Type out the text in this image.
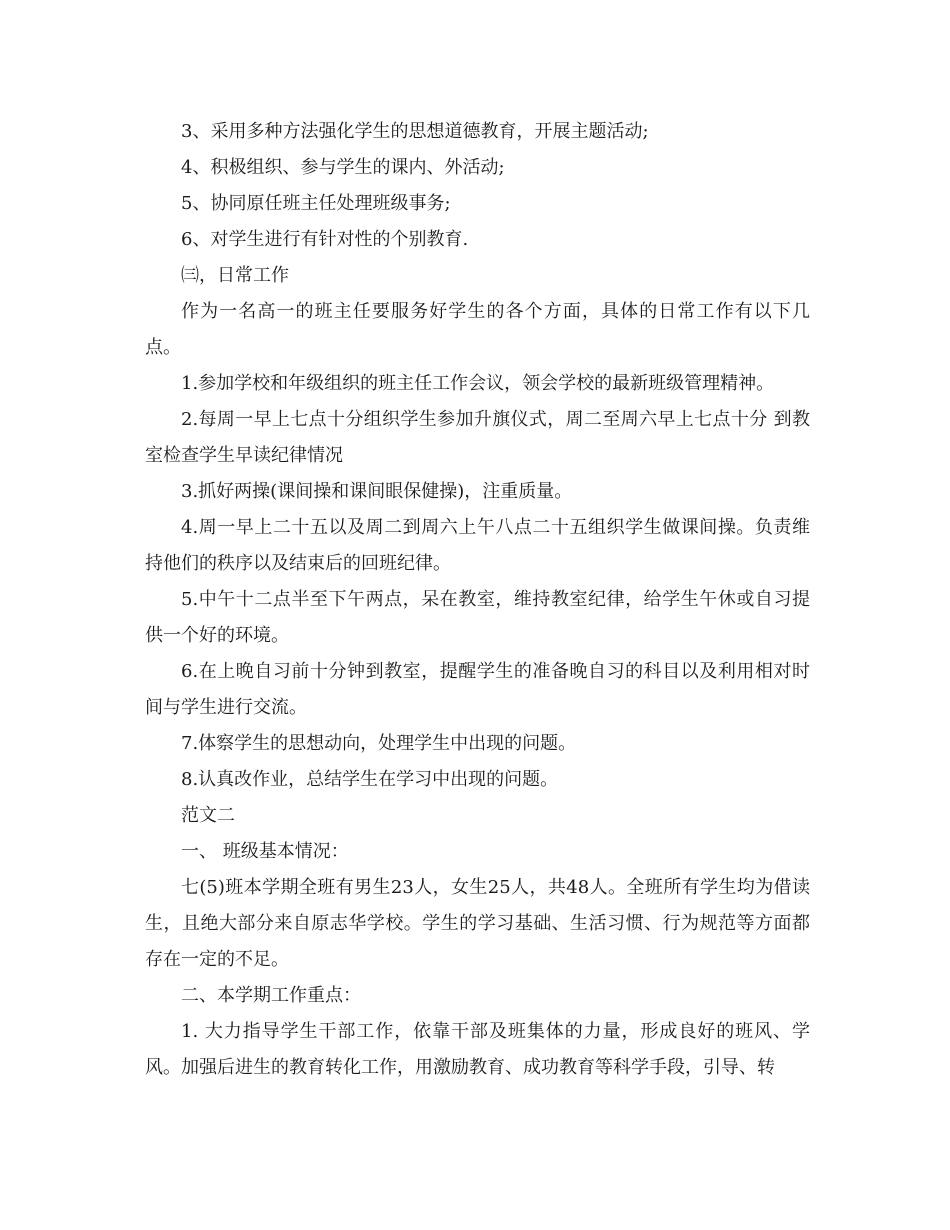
3、采用多种方法强化学生的思想道德教育，开展主题活动;

4、积极组织、参与学生的课内、外活动;

5、协同原任班主任处理班级事务;

6、对学生进行有针对性的个别教育.

㈢，日常工作

作为一名高一的班主任要服务好学生的各个方面，具体的日常工作有以下几点。

1.参加学校和年级组织的班主任工作会议，领会学校的最新班级管理精神。

2.每周一早上七点十分组织学生参加升旗仪式，周二至周六早上七点十分 到教室检查学生早读纪律情况

3.抓好两操(课间操和课间眼保健操)，注重质量。

4.周一早上二十五以及周二到周六上午八点二十五组织学生做课间操。负责维持他们的秩序以及结束后的回班纪律。

5.中午十二点半至下午两点，呆在教室，维持教室纪律，给学生午休或自习提供一个好的环境。

6.在上晚自习前十分钟到教室，提醒学生的准备晚自习的科目以及利用相对时间与学生进行交流。

7.体察学生的思想动向，处理学生中出现的问题。

8.认真改作业，总结学生在学习中出现的问题。

范文二

一、 班级基本情况：

七(5)班本学期全班有男生23人，女生25人，共48人。全班所有学生均为借读生，且绝大部分来自原志华学校。学生的学习基础、生活习惯、行为规范等方面都存在一定的不足。

二、本学期工作重点：

1. 大力指导学生干部工作，依靠干部及班集体的力量，形成良好的班风、学风。加强后进生的教育转化工作，用激励教育、成功教育等科学手段，引导、转
